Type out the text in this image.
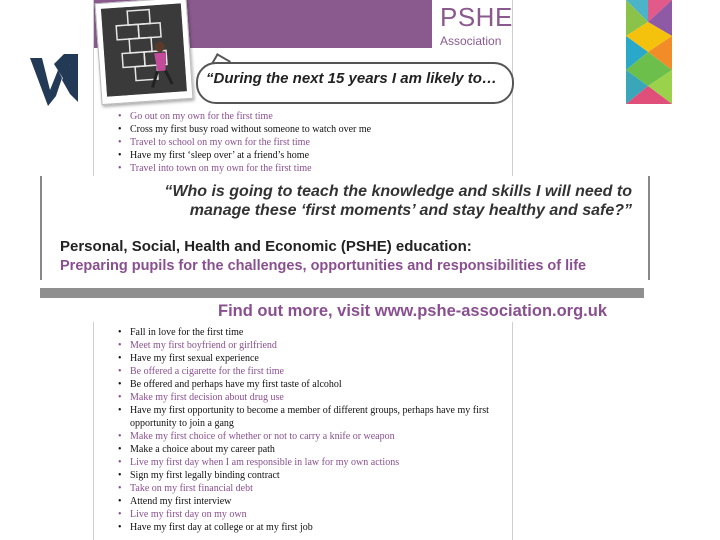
PSHE
Association
“During the next 15 years I am likely to…
• Go out on my own for the first time
• Cross my first busy road without someone to watch over me
• Travel to school on my own for the first time
• Have my first ‘sleep over’ at a friend’s home
• Travel into town on my own for the first time
“Who is going to teach the knowledge and skills I will need to manage these ‘first moments’ and stay healthy and safe?”
Personal, Social, Health and Economic (PSHE) education:
Preparing pupils for the challenges, opportunities and responsibilities of life
Find out more, visit www.pshe-association.org.uk
• Fall in love for the first time
• Meet my first boyfriend or girlfriend
• Have my first sexual experience
• Be offered a cigarette for the first time
• Be offered and perhaps have my first taste of alcohol
• Make my first decision about drug use
• Have my first opportunity to become a member of different groups, perhaps have my first opportunity to join a gang
• Make my first choice of whether or not to carry a knife or weapon
• Make a choice about my career path
• Live my first day when I am responsible in law for my own actions
• Sign my first legally binding contract
• Take on my first financial debt
• Attend my first interview
• Live my first day on my own
• Have my first day at college or at my first job
